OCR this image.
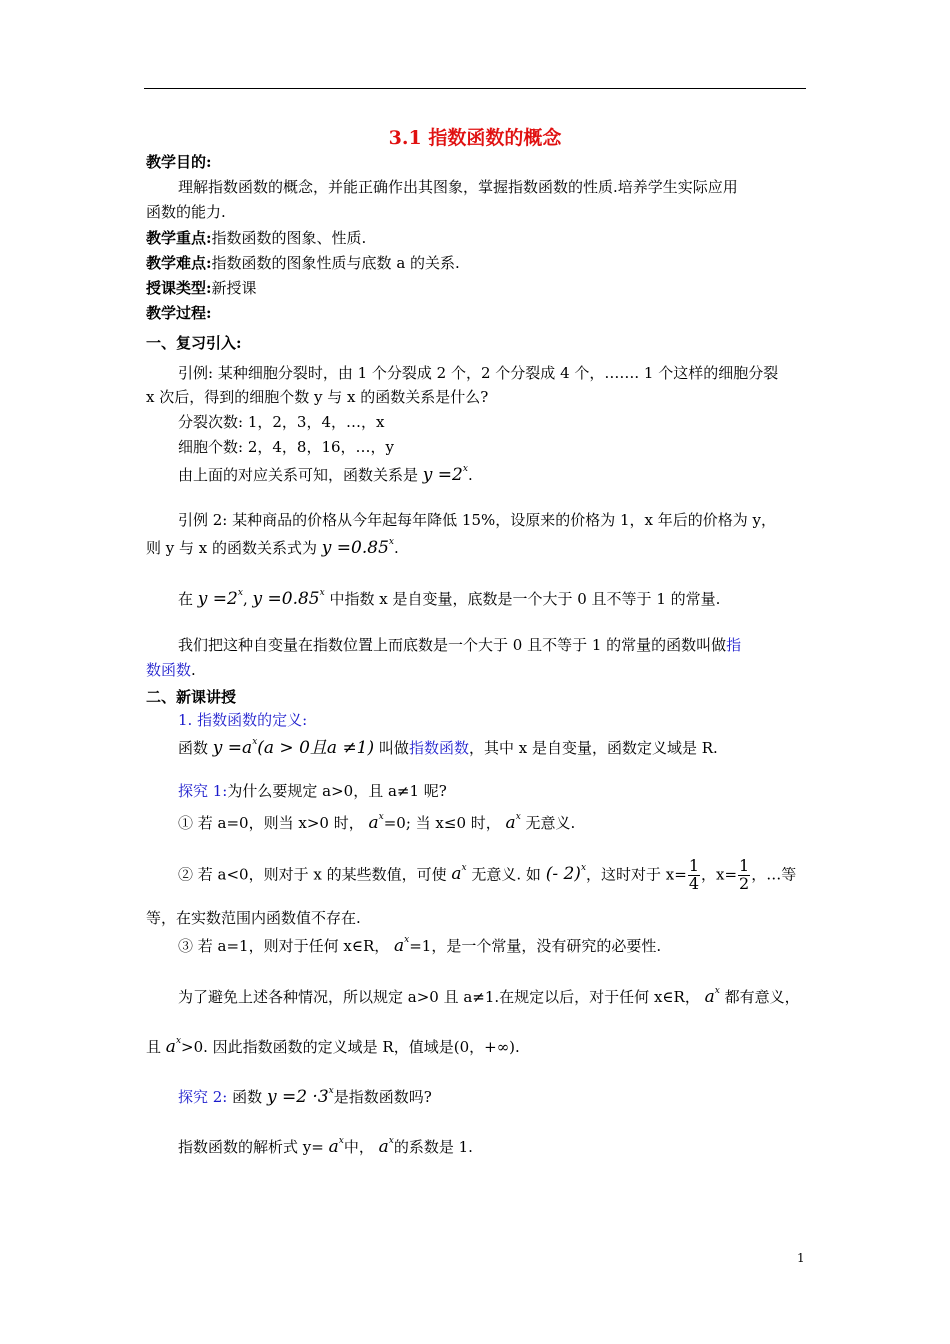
3.1 指数函数的概念
教学目的:
理解指数函数的概念，并能正确作出其图象，掌握指数函数的性质.培养学生实际应用
函数的能力.
教学重点:指数函数的图象、性质.
教学难点:指数函数的图象性质与底数 a 的关系.
授课类型:新授课
教学过程:
一、复习引入:
引例: 某种细胞分裂时，由 1 个分裂成 2 个，2 个分裂成 4 个，……. 1 个这样的细胞分裂
x 次后，得到的细胞个数 y 与 x 的函数关系是什么?
分裂次数: 1，2，3，4，…，x
细胞个数: 2，4，8，16，…，y
由上面的对应关系可知，函数关系是 $y =2^x$.
引例 2: 某种商品的价格从今年起每年降低 15%，设原来的价格为 1，x 年后的价格为 y，
则 y 与 x 的函数关系式为 $y =0.85^x$.
在 $y =2^x$, $y =0.85^x$ 中指数 x 是自变量，底数是一个大于 0 且不等于 1 的常量.
我们把这种自变量在指数位置上而底数是一个大于 0 且不等于 1 的常量的函数叫做指
数函数.
二、新课讲授
1. 指数函数的定义:
函数 $y =a^x(a > 0$且a ≠1) 叫做指数函数，其中 x 是自变量，函数定义域是 R.
探究 1:为什么要规定 a>0，且 a≠1 呢?
① 若 a=0，则当 x>0 时， $a^x=0$; 当 x≤0 时， $a^x$ 无意义.
② 若 a<0，则对于 x 的某些数值，可使 $a^x$ 无意义. 如 (- 2)$^x$，这时对于 $x= \frac{1}{4}$ ，$x= \frac{1}{2}$ ，…等
等，在实数范围内函数值不存在.
③ 若 a=1，则对于任何 x∈R， $a^x=1$，是一个常量，没有研究的必要性.
为了避免上述各种情况，所以规定 a>0 且 a≠1.在规定以后，对于任何 x∈R， $a^x$ 都有意义，
且 $a^x>0$. 因此指数函数的定义域是 R，值域是(0，+∞).
探究 2: 函数 $y =2 \cdot 3^x$是指数函数吗?
指数函数的解析式 $y= a^x$中， $a^x$的系数是 1.
1
